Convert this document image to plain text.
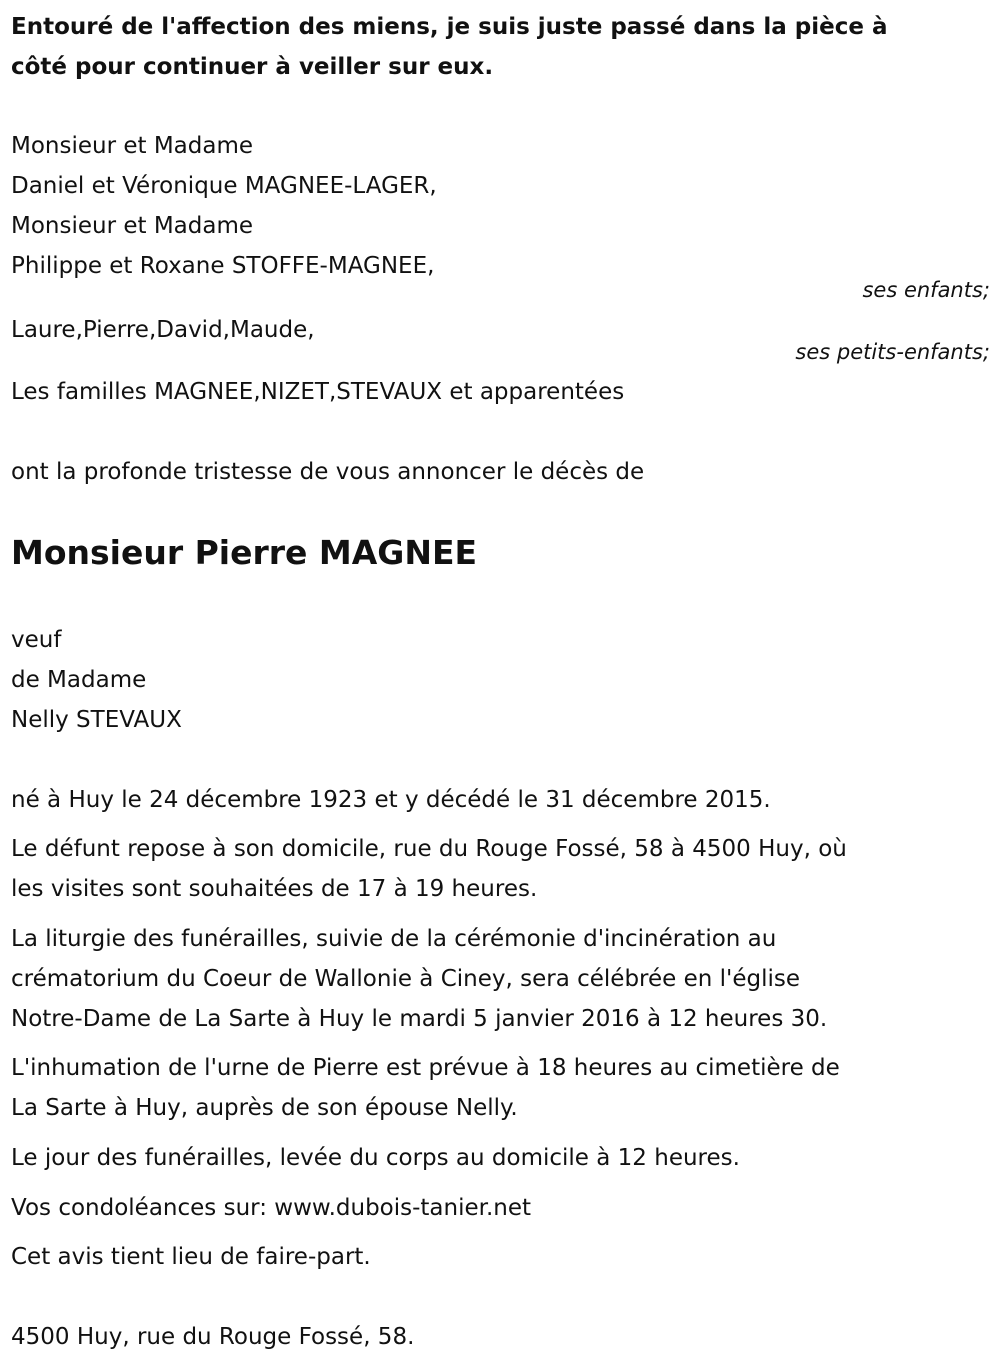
Entouré de l'affection des miens, je suis juste passé dans la pièce à
côté pour continuer à veiller sur eux.
Monsieur et Madame
Daniel et Véronique MAGNEE-LAGER,
Monsieur et Madame
Philippe et Roxane STOFFE-MAGNEE,
ses enfants;
Laure,Pierre,David,Maude,
ses petits-enfants;
Les familles MAGNEE,NIZET,STEVAUX et apparentées
ont la profonde tristesse de vous annoncer le décès de
Monsieur Pierre MAGNEE
veuf
de Madame
Nelly STEVAUX
né à Huy le 24 décembre 1923 et y décédé le 31 décembre 2015.
Le défunt repose à son domicile, rue du Rouge Fossé, 58 à 4500 Huy, où
les visites sont souhaitées de 17 à 19 heures.
La liturgie des funérailles, suivie de la cérémonie d'incinération au
crématorium du Coeur de Wallonie à Ciney, sera célébrée en l'église
Notre-Dame de La Sarte à Huy le mardi 5 janvier 2016 à 12 heures 30.
L'inhumation de l'urne de Pierre est prévue à 18 heures au cimetière de
La Sarte à Huy, auprès de son épouse Nelly.
Le jour des funérailles, levée du corps au domicile à 12 heures.
Vos condoléances sur: www.dubois-tanier.net
Cet avis tient lieu de faire-part.
4500 Huy, rue du Rouge Fossé, 58.
